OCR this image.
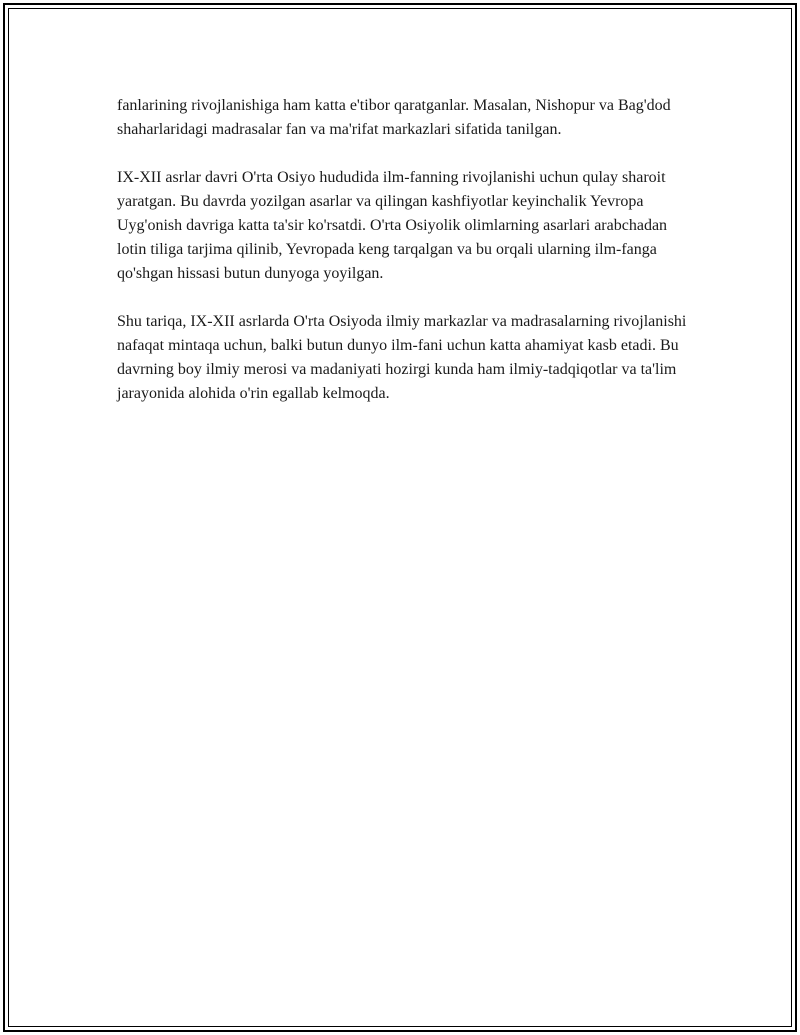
fanlarining rivojlanishiga ham katta e'tibor qaratganlar. Masalan, Nishopur va Bag'dod shaharlaridagi madrasalar fan va ma'rifat markazlari sifatida tanilgan.

IX-XII asrlar davri O'rta Osiyo hududida ilm-fanning rivojlanishi uchun qulay sharoit yaratgan. Bu davrda yozilgan asarlar va qilingan kashfiyotlar keyinchalik Yevropa Uyg'onish davriga katta ta'sir ko'rsatdi. O'rta Osiyolik olimlarning asarlari arabchadan lotin tiliga tarjima qilinib, Yevropada keng tarqalgan va bu orqali ularning ilm-fanga qo'shgan hissasi butun dunyoga yoyilgan.

Shu tariqa, IX-XII asrlarda O'rta Osiyoda ilmiy markazlar va madrasalarning rivojlanishi nafaqat mintaqa uchun, balki butun dunyo ilm-fani uchun katta ahamiyat kasb etadi. Bu davrning boy ilmiy merosi va madaniyati hozirgi kunda ham ilmiy-tadqiqotlar va ta'lim jarayonida alohida o'rin egallab kelmoqda.
